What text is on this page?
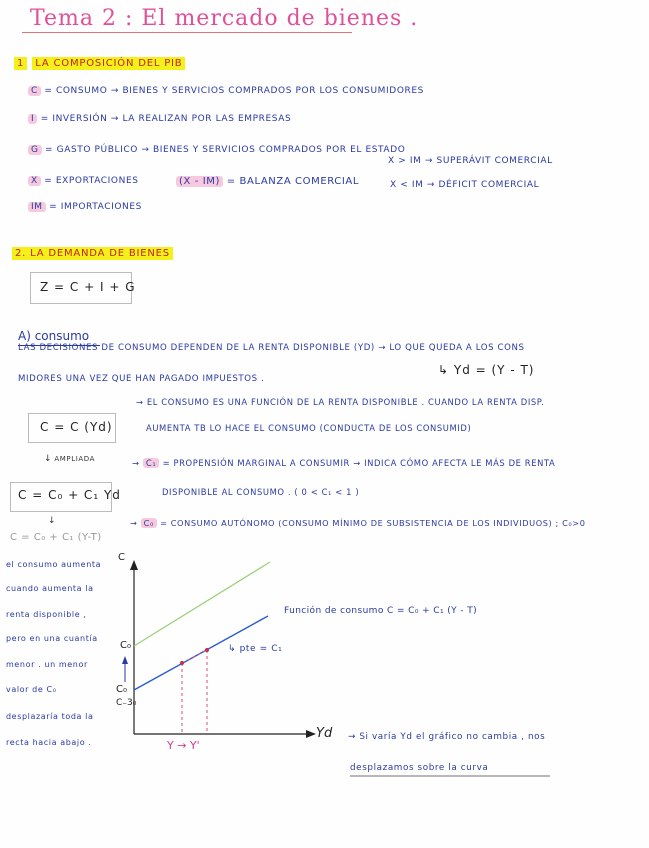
Tema 2 : El mercado de bienes .
1 LA COMPOSICIÓN DEL PIB
C = CONSUMO → BIENES Y SERVICIOS COMPRADOS POR LOS CONSUMIDORES
I = INVERSIÓN → LA REALIZAN POR LAS EMPRESAS
G = GASTO PÚBLICO → BIENES Y SERVICIOS COMPRADOS POR EL ESTADO
X = EXPORTACIONES
IM = IMPORTACIONES
(X - IM) = BALANZA COMERCIAL
X > IM → SUPERÁVIT COMERCIAL
X < IM → DÉFICIT COMERCIAL
2. LA DEMANDA DE BIENES
Z = C + I + G
A) consumo
LAS DECISIONES DE CONSUMO DEPENDEN DE LA RENTA DISPONIBLE (YD) → LO QUE QUEDA A LOS CONS
MIDORES UNA VEZ QUE HAN PAGADO IMPUESTOS .
↳ Yd = (Y - T)
C = C (Yd)
→ EL CONSUMO ES UNA FUNCIÓN DE LA RENTA DISPONIBLE . CUANDO LA RENTA DISP.
AUMENTA TB LO HACE EL CONSUMO (CONDUCTA DE LOS CONSUMID)
↓ AMPLIADA
C = C₀ + C₁ Yd
→ C₁ = PROPENSIÓN MARGINAL A CONSUMIR → INDICA CÓMO AFECTA LE MÁS DE RENTA
DISPONIBLE AL CONSUMO . ( 0 < C₁ < 1 )
↓
C = C₀ + C₁ (Y-T)
→ C₀ = CONSUMO AUTÓNOMO (CONSUMO MÍNIMO DE SUBSISTENCIA DE LOS INDIVIDUOS) ; C₀>0
C
Yd
C₀
C₀
C₋3₀
Función de consumo C = C₀ + C₁ (Y - T)
↳ pte = C₁
Y → Y'
el consumo aumenta
cuando aumenta la
renta disponible ,
pero en una cuantía
menor . un menor
valor de C₀
desplazaría toda la
recta hacia abajo .
→ Si varía Yd el gráfico no cambia , nos
desplazamos sobre la curva
